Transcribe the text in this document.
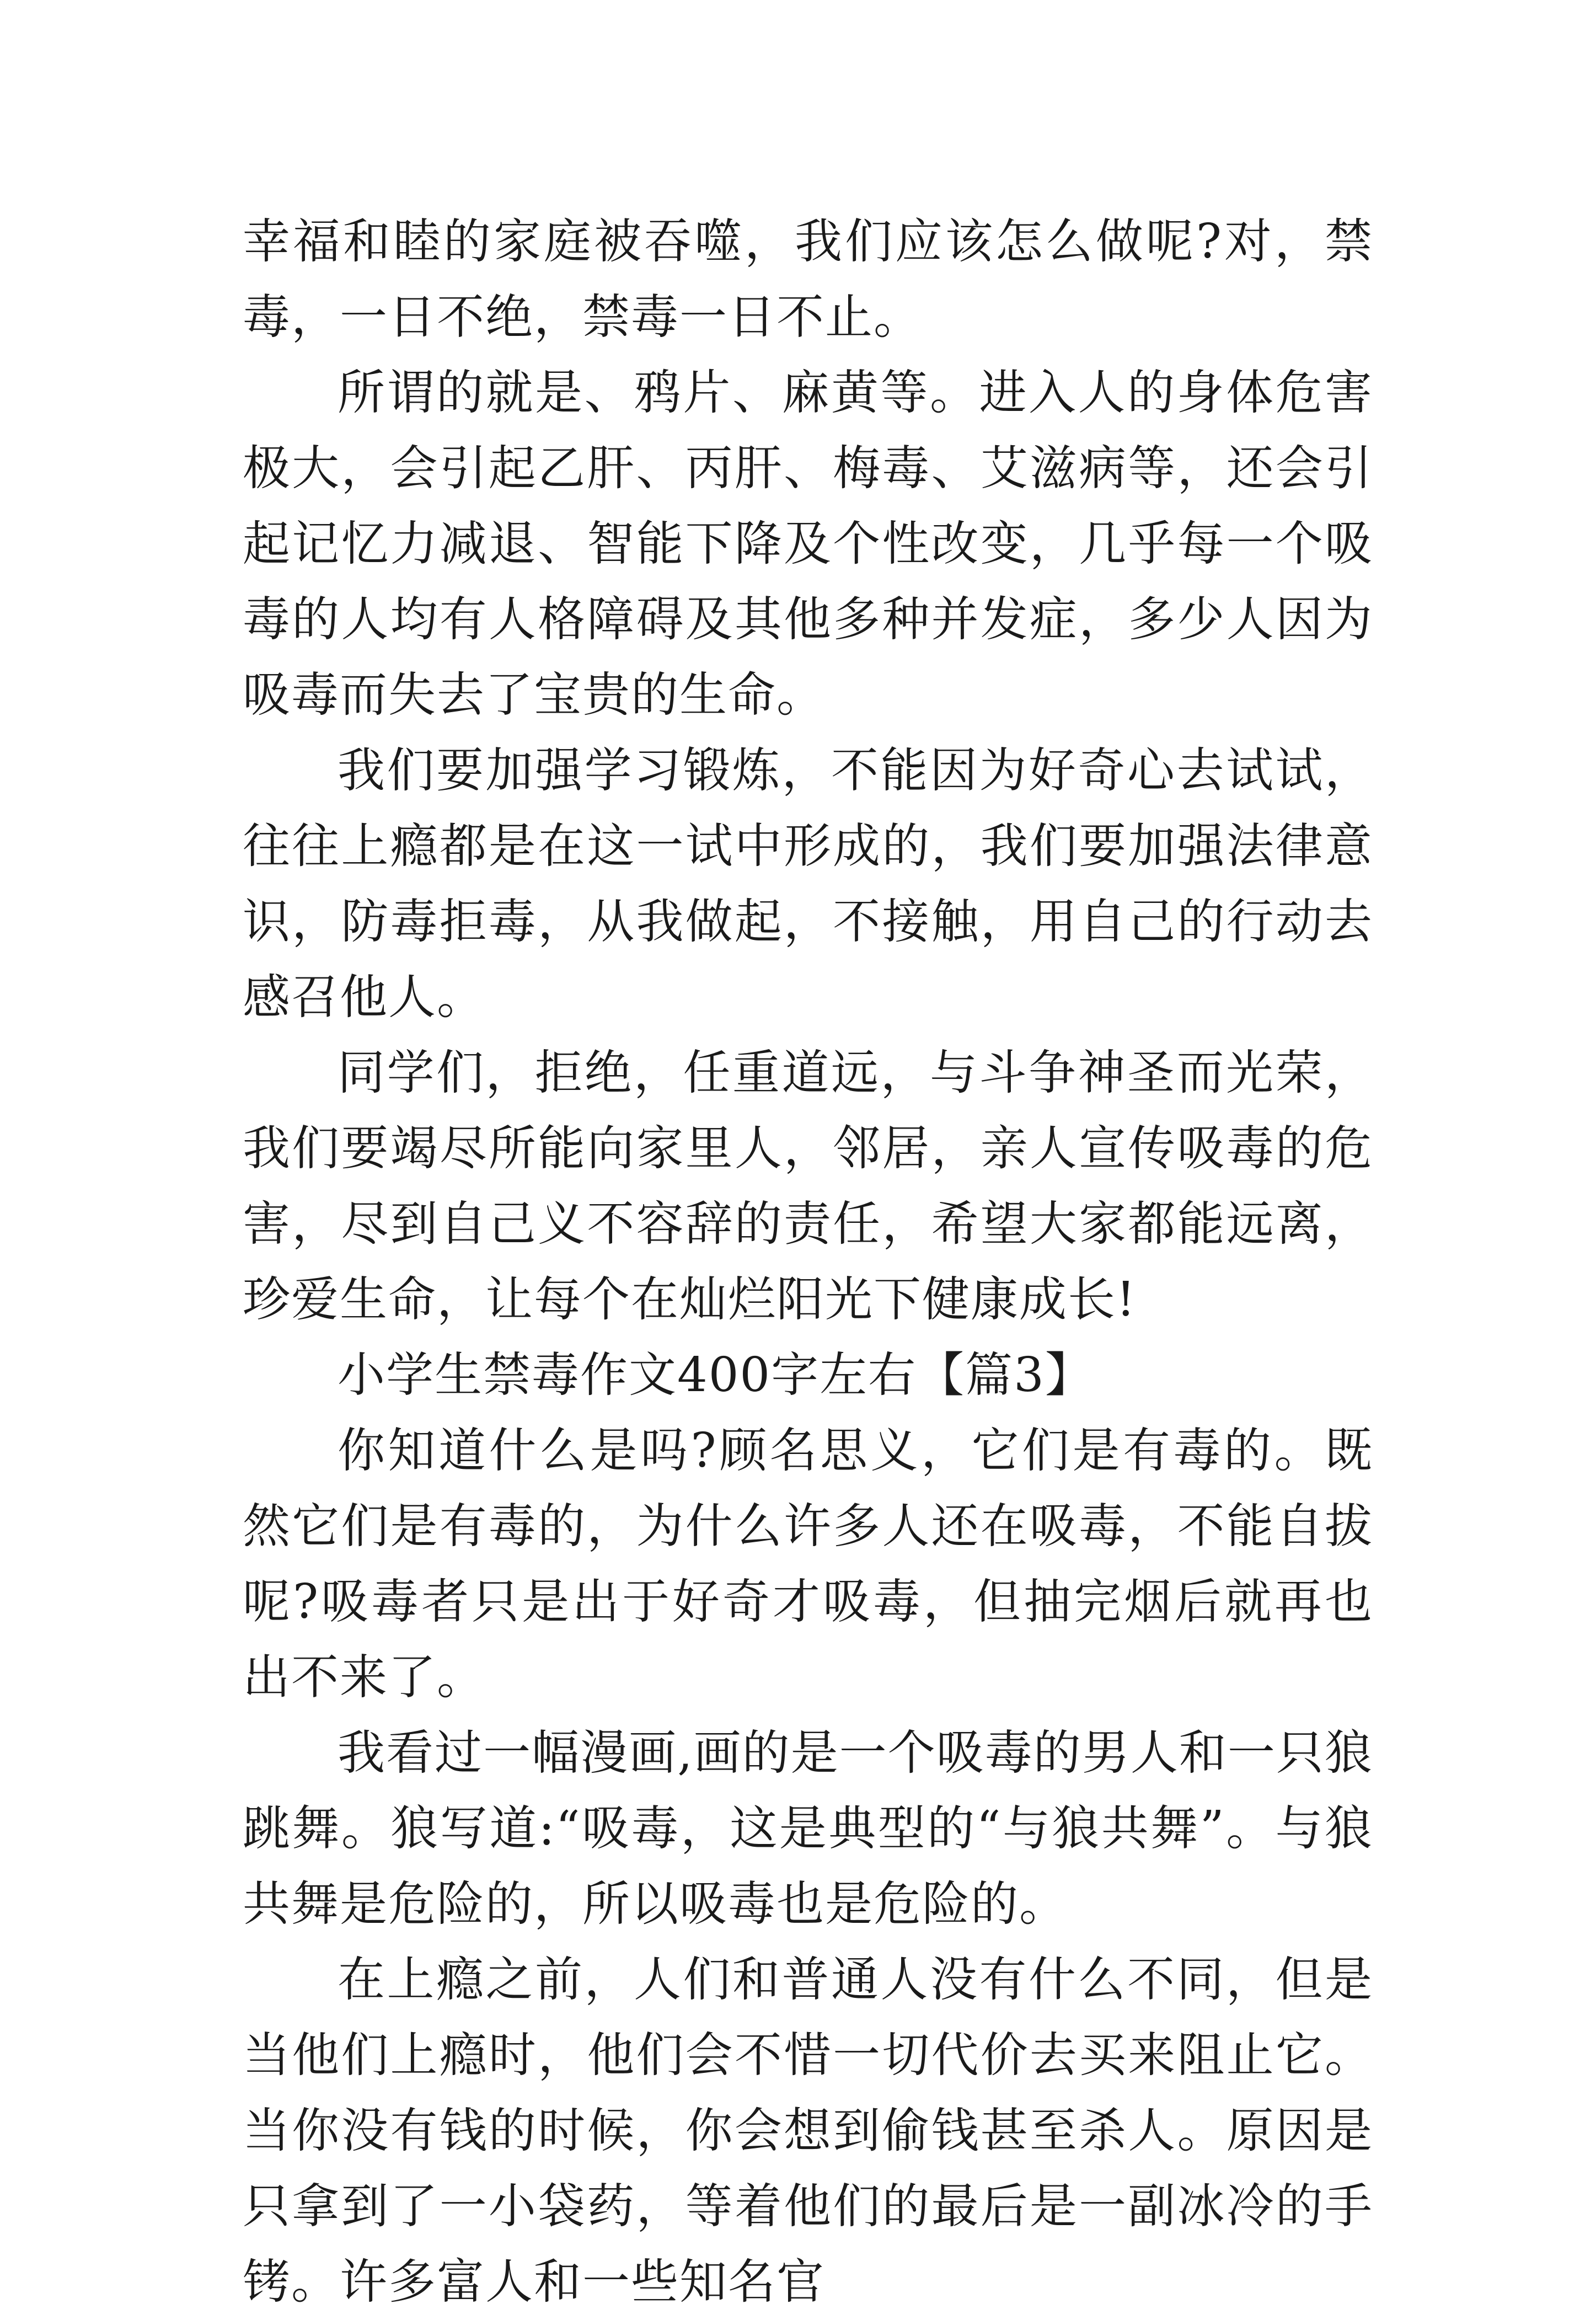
幸福和睦的家庭被吞噬，我们应该怎么做呢?对，禁毒，一日不绝，禁毒一日不止。

所谓的就是、鸦片、麻黄等。进入人的身体危害极大，会引起乙肝、丙肝、梅毒、艾滋病等，还会引起记忆力减退、智能下降及个性改变，几乎每一个吸毒的人均有人格障碍及其他多种并发症，多少人因为吸毒而失去了宝贵的生命。

我们要加强学习锻炼，不能因为好奇心去试试，往往上瘾都是在这一试中形成的，我们要加强法律意识，防毒拒毒，从我做起，不接触，用自己的行动去感召他人。

同学们，拒绝，任重道远，与斗争神圣而光荣，我们要竭尽所能向家里人，邻居，亲人宣传吸毒的危害，尽到自己义不容辞的责任，希望大家都能远离，珍爱生命，让每个在灿烂阳光下健康成长!

小学生禁毒作文400字左右【篇3】

你知道什么是吗?顾名思义，它们是有毒的。既然它们是有毒的，为什么许多人还在吸毒，不能自拔呢?吸毒者只是出于好奇才吸毒，但抽完烟后就再也出不来了。

我看过一幅漫画,画的是一个吸毒的男人和一只狼跳舞。狼写道:“吸毒，这是典型的“与狼共舞”。与狼共舞是危险的，所以吸毒也是危险的。

在上瘾之前，人们和普通人没有什么不同，但是当他们上瘾时，他们会不惜一切代价去买来阻止它。当你没有钱的时候，你会想到偷钱甚至杀人。原因是只拿到了一小袋药，等着他们的最后是一副冰冷的手铐。许多富人和一些知名官
